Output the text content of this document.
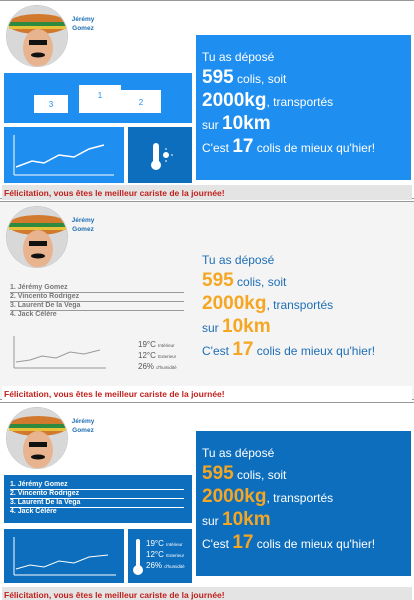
Jérémy
Gomez
3
1
2
Tu as déposé
595 colis, soit
2000kg, transportés
sur 10km
C'est 17 colis de mieux qu'hier!
Félicitation, vous êtes le meilleur cariste de la journée!
Jérémy
Gomez
1. Jérémy Gomez
2. Vincento Rodrigez
3. Laurent De la Vega
4. Jack Célère
19°C Intérieur
12°C Exterieur
26% d'humidité
Tu as déposé
595 colis, soit
2000kg, transportés
sur 10km
C'est 17 colis de mieux qu'hier!
Félicitation, vous êtes le meilleur cariste de la journée!
Jérémy
Gomez
1. Jérémy Gomez
2. Vincento Rodrigez
3. Laurent De la Vega
4. Jack Célère
19°C Intérieur
12°C Exterieur
26% d'humidité
Tu as déposé
595 colis, soit
2000kg, transportés
sur 10km
C'est 17 colis de mieux qu'hier!
Félicitation, vous êtes le meilleur cariste de la journée!
